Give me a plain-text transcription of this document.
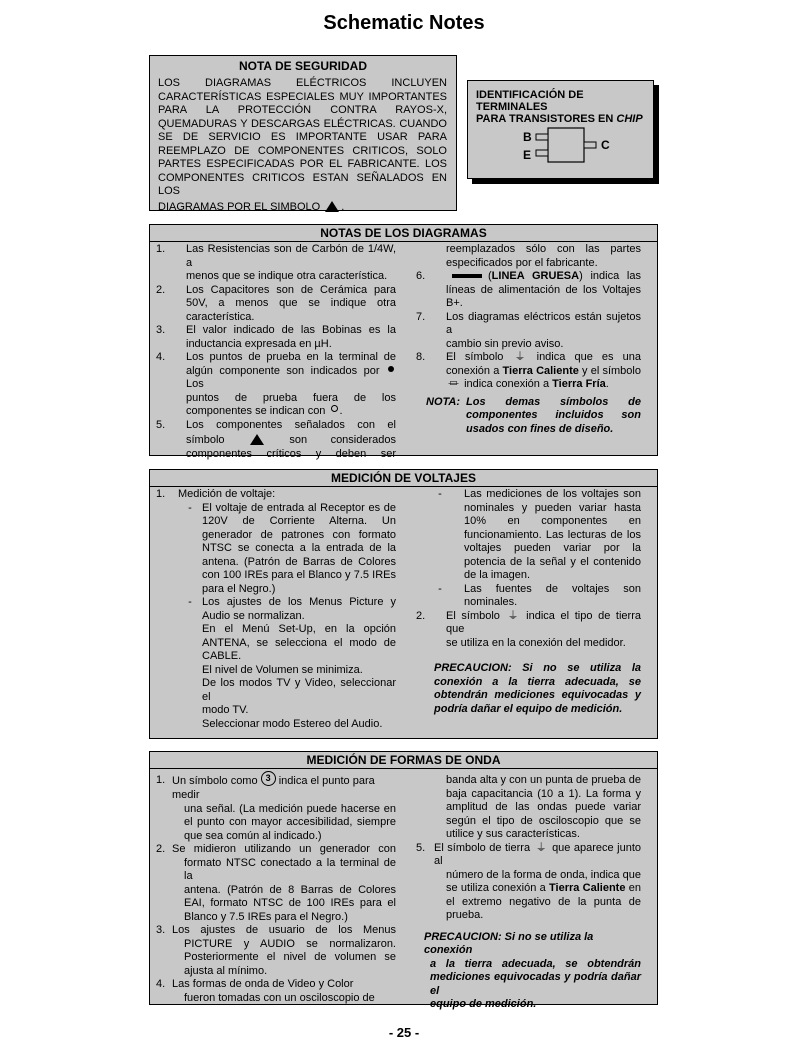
Schematic Notes
NOTA DE SEGURIDAD
LOS DIAGRAMAS ELÉCTRICOS INCLUYEN
CARACTERÍSTICAS ESPECIALES MUY IMPORTANTES
PARA LA PROTECCIÓN CONTRA RAYOS-X,
QUEMADURAS Y DESCARGAS ELÉCTRICAS. CUANDO
SE DE SERVICIO ES IMPORTANTE USAR PARA
REEMPLAZO DE COMPONENTES CRITICOS, SOLO
PARTES ESPECIFICADAS POR EL FABRICANTE. LOS
COMPONENTES CRITICOS ESTAN SEÑALADOS EN LOS
DIAGRAMAS POR EL SIMBOLO .
IDENTIFICACIÓN DE TERMINALES
PARA TRANSISTORES EN CHIP
B
E
C
NOTAS DE LOS DIAGRAMAS
1.	Las Resistencias son de Carbón de 1/4W, a
menos que se indique otra característica.
2.	Los Capacitores son de Cerámica para
50V, a menos que se indique otra
característica.
3.	El valor indicado de las Bobinas es la
inductancia expresada en µH.
4.	Los puntos de prueba en la terminal de
algún componente son indicados por  Los
puntos de prueba fuera de los
componentes se indican con .
5.	Los componentes señalados con el
símbolo	son considerados
componentes críticos y deben ser
reemplazados sólo con las partes
especificados por el fabricante.
6.	(LINEA GRUESA) indica las
líneas de alimentación de los Voltajes
B+.
7.	Los diagramas eléctricos están sujetos a
cambio sin previo aviso.
8.	El símbolo ⏚ indica que es una
conexión a Tierra Caliente y el símbolo
⏛ indica conexión a Tierra Fría.
NOTA: Los demas símbolos de
componentes incluidos son
usados con fines de diseño.
MEDICIÓN DE VOLTAJES
1.	Medición de voltaje:
- El voltaje de entrada al Receptor es de
120V de Corriente Alterna. Un
generador de patrones con formato
NTSC se conecta a la entrada de la
antena. (Patrón de Barras de Colores
con 100 IREs para el Blanco y 7.5 IREs
para el Negro.)
- Los ajustes de los Menus Picture y
Audio se normalizan.
En el Menú Set-Up, en la opción
ANTENA, se selecciona el modo de
CABLE.
El nivel de Volumen se minimiza.
De los modos TV y Video, seleccionar el
modo TV.
Seleccionar modo Estereo del Audio.
-	Las mediciones de los voltajes son
nominales y pueden variar hasta
10% en componentes en
funcionamiento. Las lecturas de los
voltajes pueden variar por la
potencia de la señal y el contenido
de la imagen.
-	Las fuentes de voltajes son
nominales.
2.	El símbolo ⏚ indica el tipo de tierra que
se utiliza en la conexión del medidor.
PRECAUCION: Si no se utiliza la
conexión a la tierra adecuada, se
obtendrán mediciones equivocadas y
podría dañar el equipo de medición.
MEDICIÓN DE FORMAS DE ONDA
1. Un símbolo como 3 indica el punto para medir
una señal. (La medición puede hacerse en
el punto con mayor accesibilidad, siempre
que sea común al indicado.)
2. Se midieron utilizando un generador con
formato NTSC conectado a la terminal de la
antena. (Patrón de 8 Barras de Colores
EAI, formato NTSC de 100 IREs para el
Blanco y 7.5 IREs para el Negro.)
3. Los ajustes de usuario de los Menus
PICTURE y AUDIO se normalizaron.
Posteriormente el nivel de volumen se
ajusta al mínimo.
4. Las formas de onda de Video y Color
fueron tomadas con un osciloscopio de
banda alta y con un punta de prueba de
baja capacitancia (10 a 1). La forma y
amplitud de las ondas puede variar
según el tipo de osciloscopio que se
utilice y sus características.
5. El símbolo de tierra ⏚ que aparece junto al
número de la forma de onda, indica que
se utiliza conexión a Tierra Caliente en
el extremo negativo de la punta de
prueba.
PRECAUCION: Si no se utiliza la conexión
a la tierra adecuada, se obtendrán
mediciones equivocadas y podría dañar el
equipo de medición.
- 25 -
